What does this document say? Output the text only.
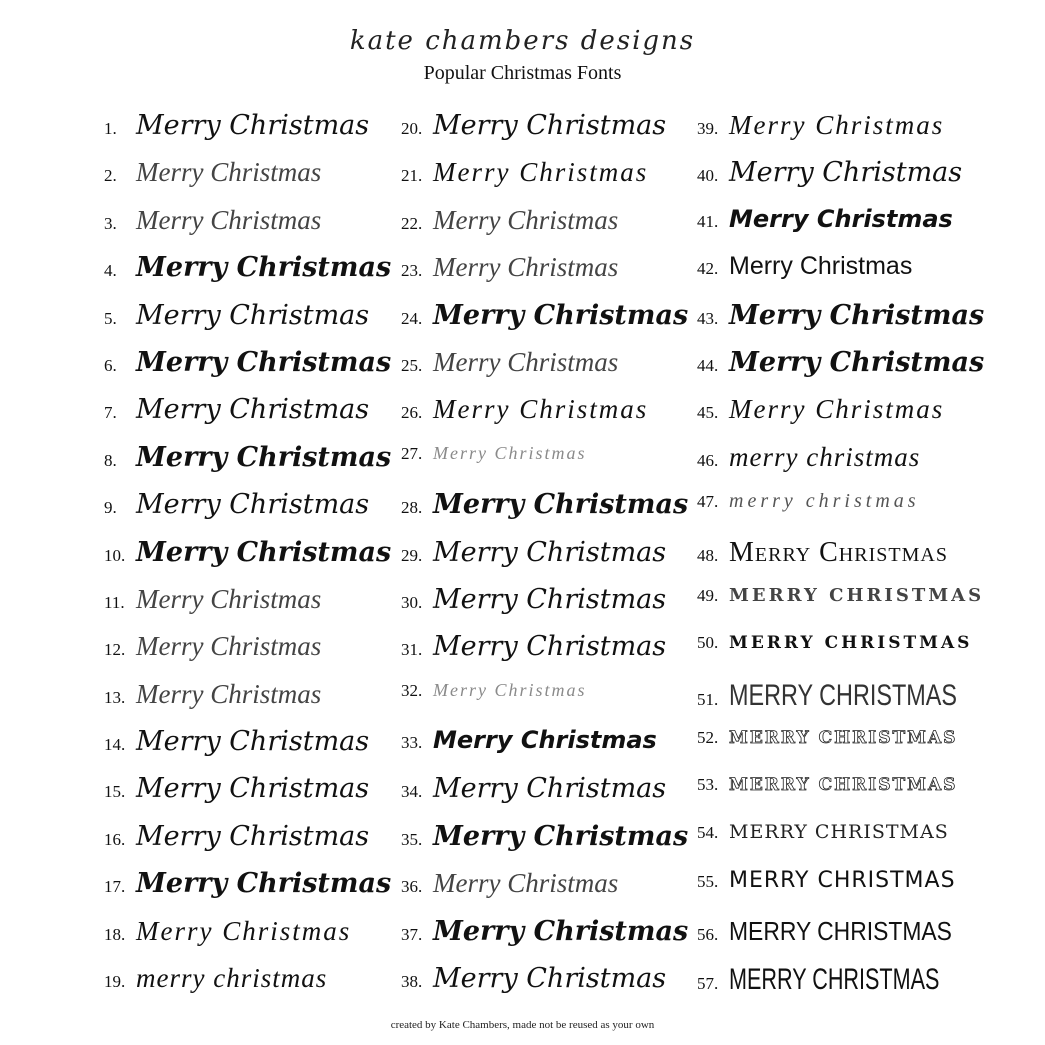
kate chambers designs
Popular Christmas Fonts
1. Merry Christmas
2. Merry Christmas
3. Merry Christmas
4. Merry Christmas
5. Merry Christmas
6. Merry Christmas
7. Merry Christmas
8. Merry Christmas
9. Merry Christmas
10. Merry Christmas
11. Merry Christmas
12. Merry Christmas
13. Merry Christmas
14. Merry Christmas
15. Merry Christmas
16. Merry Christmas
17. Merry Christmas
18. Merry Christmas
19. merry christmas
20. Merry Christmas
21. Merry Christmas
22. Merry Christmas
23. Merry Christmas
24. Merry Christmas
25. Merry Christmas
26. Merry Christmas
27. Merry Christmas
28. Merry Christmas
29. Merry Christmas
30. Merry Christmas
31. Merry Christmas
32. Merry Christmas
33. Merry Christmas
34. Merry Christmas
35. Merry Christmas
36. Merry Christmas
37. Merry Christmas
38. Merry Christmas
39. Merry Christmas
40. Merry Christmas
41. Merry Christmas
42. Merry Christmas
43. Merry Christmas
44. Merry Christmas
45. Merry Christmas
46. merry christmas
47. merry christmas
48. Merry Christmas
49. MERRY CHRISTMAS
50. MERRY CHRISTMAS
51. MERRY CHRISTMAS
52. MERRY CHRISTMAS
53. MERRY CHRISTMAS
54. MERRY CHRISTMAS
55. MERRY CHRISTMAS
56. MERRY CHRISTMAS
57. MERRY CHRISTMAS
created by Kate Chambers, made not be reused as your own
